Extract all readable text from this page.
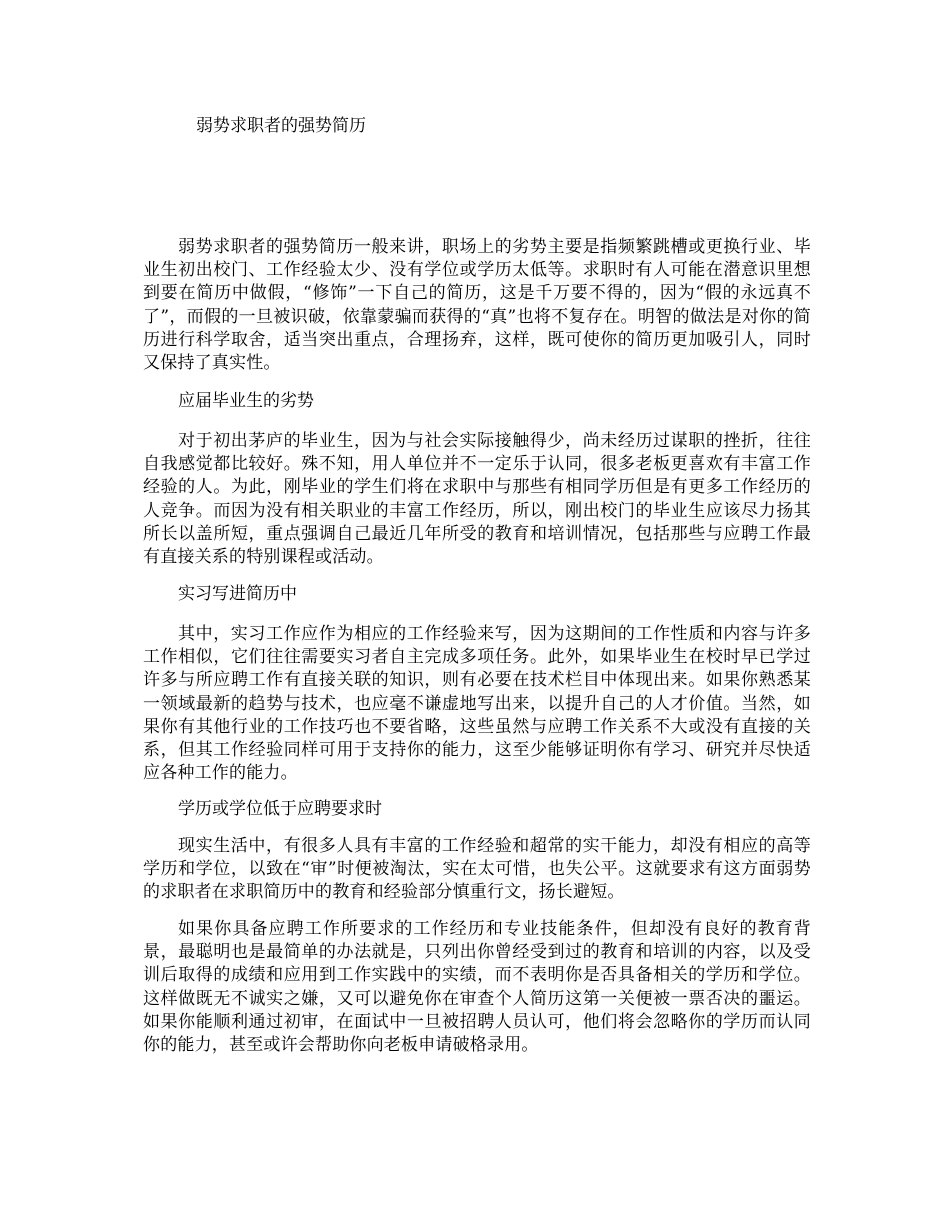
弱势求职者的强势简历

弱势求职者的强势简历一般来讲，职场上的劣势主要是指频繁跳槽或更换行业、毕业生初出校门、工作经验太少、没有学位或学历太低等。求职时有人可能在潜意识里想到要在简历中做假，“修饰”一下自己的简历，这是千万要不得的，因为“假的永远真不了”，而假的一旦被识破，依靠蒙骗而获得的“真”也将不复存在。明智的做法是对你的简历进行科学取舍，适当突出重点，合理扬弃，这样，既可使你的简历更加吸引人，同时又保持了真实性。

应届毕业生的劣势

对于初出茅庐的毕业生，因为与社会实际接触得少，尚未经历过谋职的挫折，往往自我感觉都比较好。殊不知，用人单位并不一定乐于认同，很多老板更喜欢有丰富工作经验的人。为此，刚毕业的学生们将在求职中与那些有相同学历但是有更多工作经历的人竞争。而因为没有相关职业的丰富工作经历，所以，刚出校门的毕业生应该尽力扬其所长以盖所短，重点强调自己最近几年所受的教育和培训情况，包括那些与应聘工作最有直接关系的特别课程或活动。

实习写进简历中

其中，实习工作应作为相应的工作经验来写，因为这期间的工作性质和内容与许多工作相似，它们往往需要实习者自主完成多项任务。此外，如果毕业生在校时早已学过许多与所应聘工作有直接关联的知识，则有必要在技术栏目中体现出来。如果你熟悉某一领域最新的趋势与技术，也应毫不谦虚地写出来，以提升自己的人才价值。当然，如果你有其他行业的工作技巧也不要省略，这些虽然与应聘工作关系不大或没有直接的关系，但其工作经验同样可用于支持你的能力，这至少能够证明你有学习、研究并尽快适应各种工作的能力。

学历或学位低于应聘要求时

现实生活中，有很多人具有丰富的工作经验和超常的实干能力，却没有相应的高等学历和学位，以致在“审”时便被淘汰，实在太可惜，也失公平。这就要求有这方面弱势的求职者在求职简历中的教育和经验部分慎重行文，扬长避短。

如果你具备应聘工作所要求的工作经历和专业技能条件，但却没有良好的教育背景，最聪明也是最简单的办法就是，只列出你曾经受到过的教育和培训的内容，以及受训后取得的成绩和应用到工作实践中的实绩，而不表明你是否具备相关的学历和学位。这样做既无不诚实之嫌，又可以避免你在审查个人简历这第一关便被一票否决的噩运。如果你能顺利通过初审，在面试中一旦被招聘人员认可，他们将会忽略你的学历而认同你的能力，甚至或许会帮助你向老板申请破格录用。
